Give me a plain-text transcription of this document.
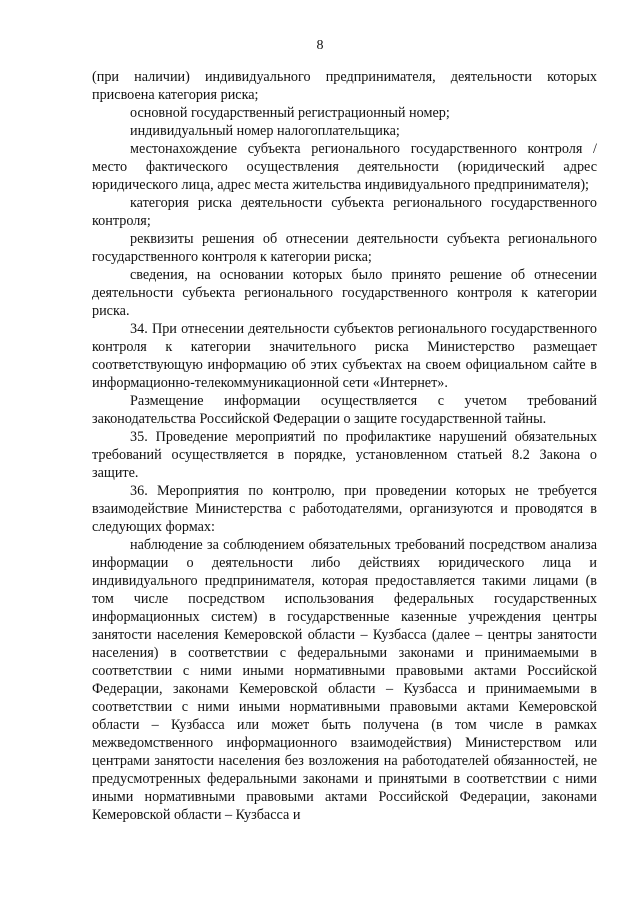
8

(при наличии) индивидуального предпринимателя, деятельности которых присвоена категория риска;

основной государственный регистрационный номер;

индивидуальный номер налогоплательщика;

местонахождение субъекта регионального государственного контроля / место фактического осуществления деятельности (юридический адрес юридического лица, адрес места жительства индивидуального предпринимателя);

категория риска деятельности субъекта регионального государственного контроля;

реквизиты решения об отнесении деятельности субъекта регионального государственного контроля к категории риска;

сведения, на основании которых было принято решение об отнесении деятельности субъекта регионального государственного контроля к категории риска.

34. При отнесении деятельности субъектов регионального государственного контроля к категории значительного риска Министерство размещает соответствующую информацию об этих субъектах на своем официальном сайте в информационно-телекоммуникационной сети «Интернет».

Размещение информации осуществляется с учетом требований законодательства Российской Федерации о защите государственной тайны.

35. Проведение мероприятий по профилактике нарушений обязательных требований осуществляется в порядке, установленном статьей 8.2 Закона о защите.

36. Мероприятия по контролю, при проведении которых не требуется взаимодействие Министерства с работодателями, организуются и проводятся в следующих формах:

наблюдение за соблюдением обязательных требований посредством анализа информации о деятельности либо действиях юридического лица и индивидуального предпринимателя, которая предоставляется такими лицами (в том числе посредством использования федеральных государственных информационных систем) в государственные казенные учреждения центры занятости населения Кемеровской области – Кузбасса (далее – центры занятости населения) в соответствии с федеральными законами и принимаемыми в соответствии с ними иными нормативными правовыми актами Российской Федерации, законами Кемеровской области – Кузбасса и принимаемыми в соответствии с ними иными нормативными правовыми актами Кемеровской области – Кузбасса или может быть получена (в том числе в рамках межведомственного информационного взаимодействия) Министерством или центрами занятости населения без возложения на работодателей обязанностей, не предусмотренных федеральными законами и принятыми в соответствии с ними иными нормативными правовыми актами Российской Федерации, законами Кемеровской области – Кузбасса и
